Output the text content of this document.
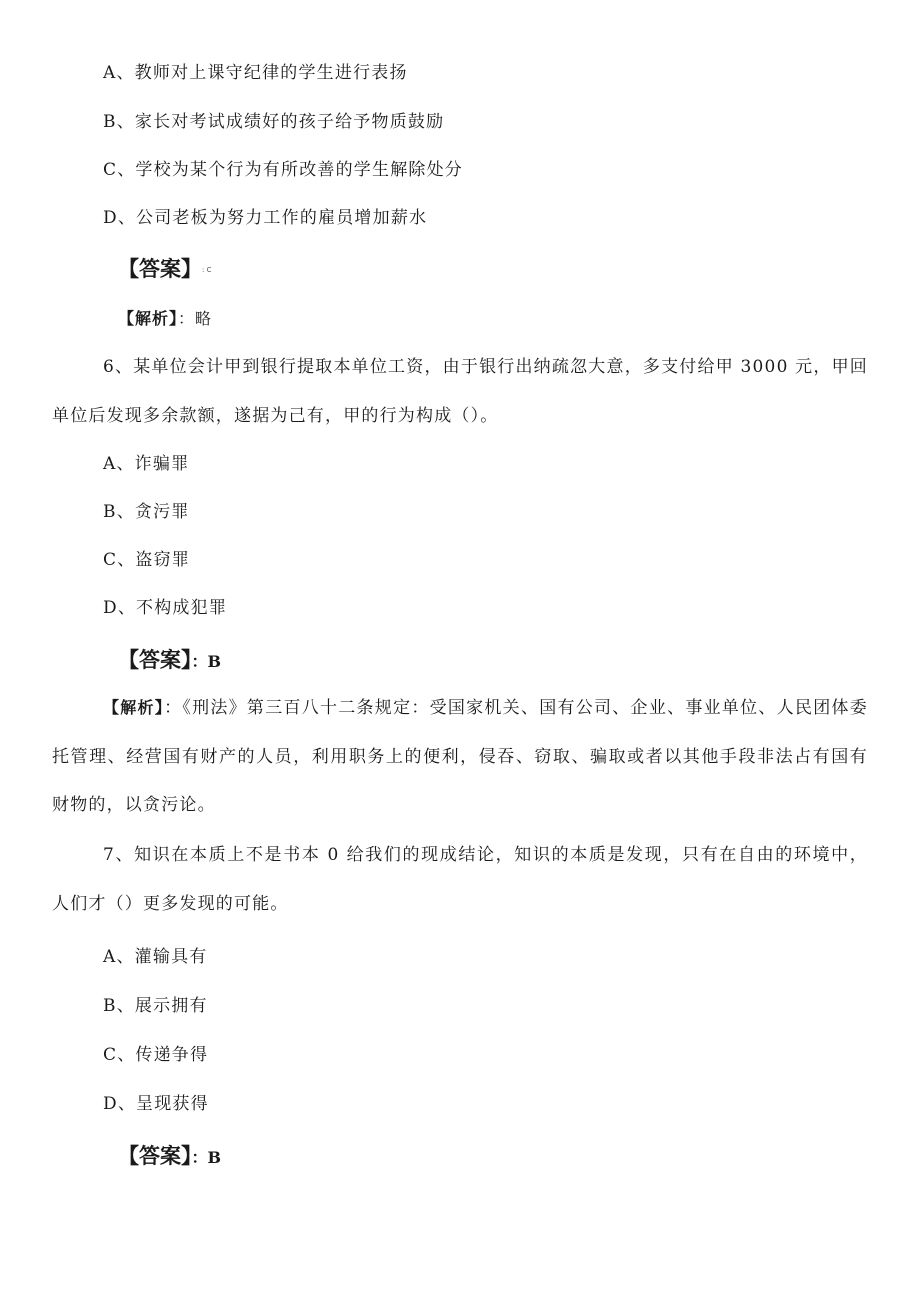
A、教师对上课守纪律的学生进行表扬
B、家长对考试成绩好的孩子给予物质鼓励
C、学校为某个行为有所改善的学生解除处分
D、公司老板为努力工作的雇员增加薪水
【答案】: C
【解析】：略
6、某单位会计甲到银行提取本单位工资，由于银行出纳疏忽大意，多支付给甲 3000 元，甲回单位后发现多余款额，遂据为己有，甲的行为构成（）。
A、诈骗罪
B、贪污罪
C、盗窃罪
D、不构成犯罪
【答案】：B
【解析】：《刑法》第三百八十二条规定：受国家机关、国有公司、企业、事业单位、人民团体委托管理、经营国有财产的人员，利用职务上的便利，侵吞、窃取、骗取或者以其他手段非法占有国有财物的，以贪污论。
7、知识在本质上不是书本 0 给我们的现成结论，知识的本质是发现，只有在自由的环境中，人们才（）更多发现的可能。
A、灌输具有
B、展示拥有
C、传递争得
D、呈现获得
【答案】：B
